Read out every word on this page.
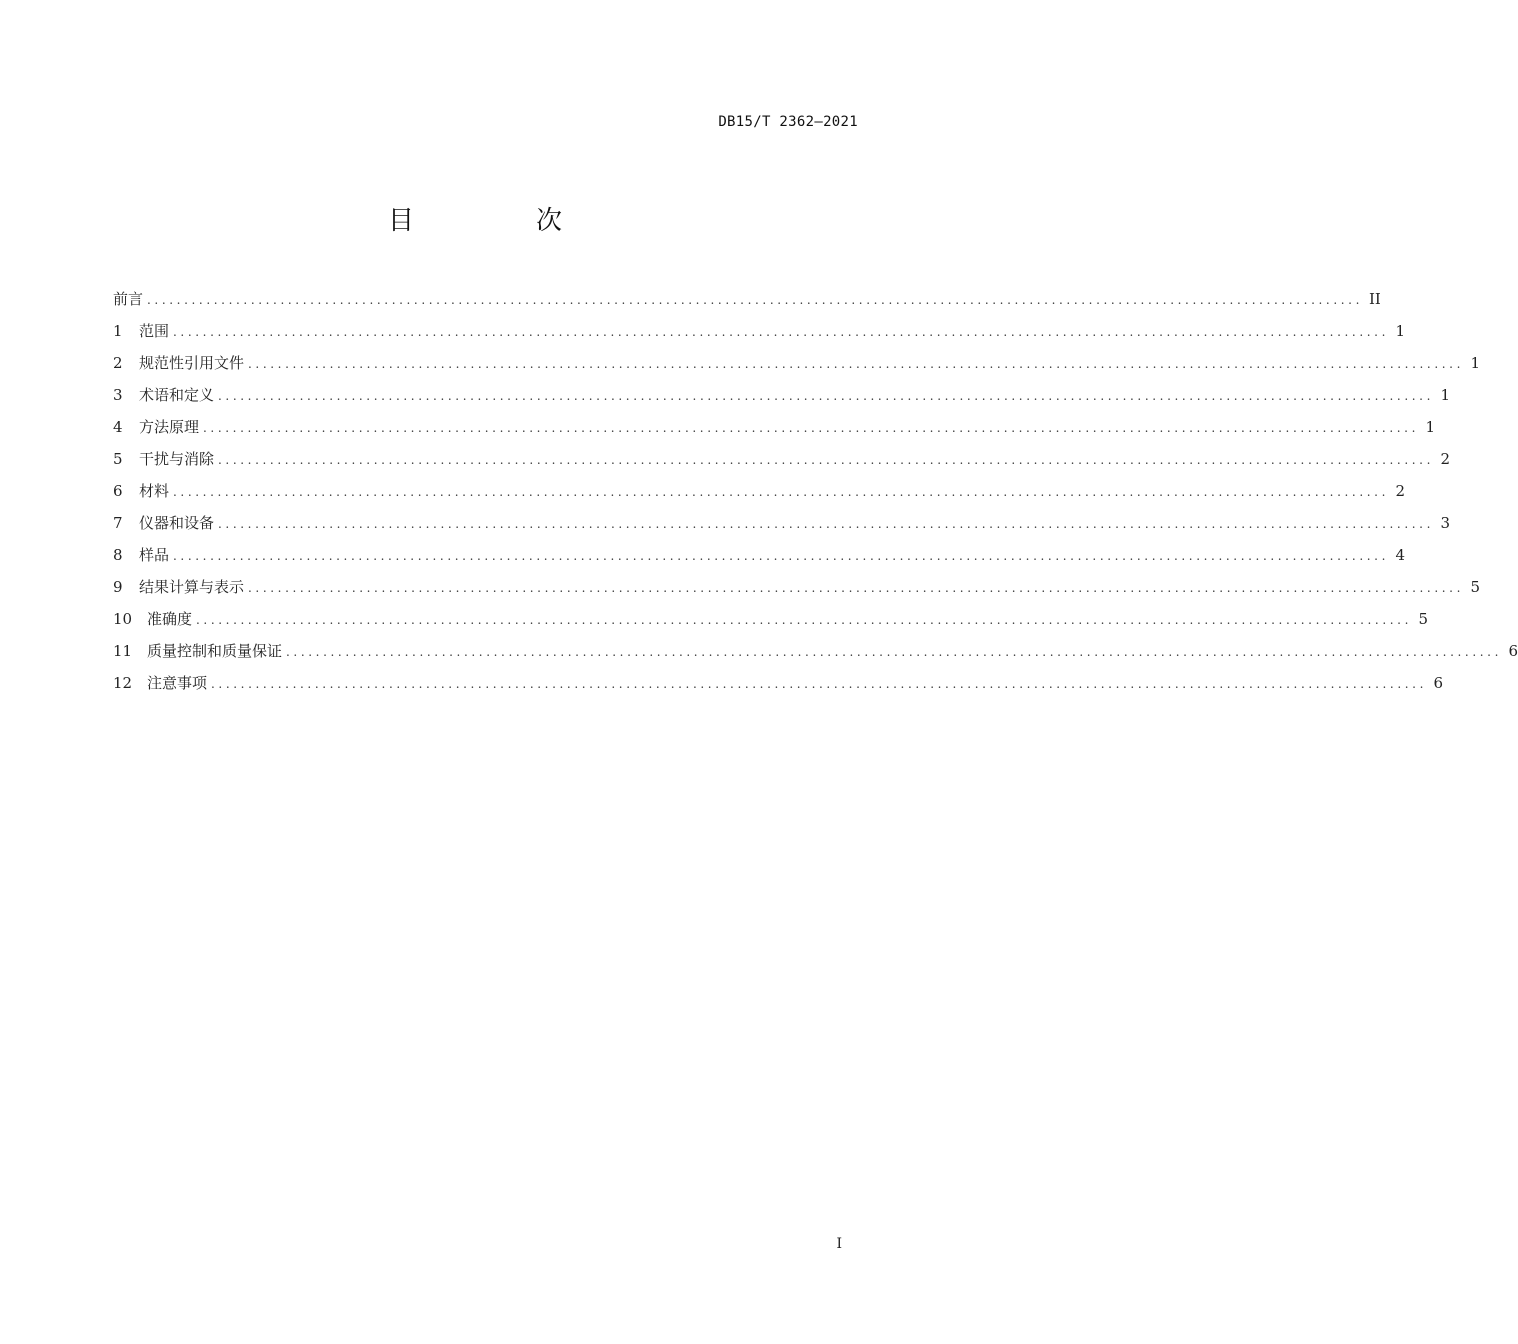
DB15/T 2362—2021
目　次
前言 .................................................................................................................................................................... II
1	范围 .................................................................................................................................................................... 1
2	规范性引用文件 .................................................................................................................................................................... 1
3	术语和定义 .................................................................................................................................................................... 1
4	方法原理 .................................................................................................................................................................... 1
5	干扰与消除 .................................................................................................................................................................... 2
6	材料 .................................................................................................................................................................... 2
7	仪器和设备 .................................................................................................................................................................... 3
8	样品 .................................................................................................................................................................... 4
9	结果计算与表示 .................................................................................................................................................................... 5
10 准确度 .................................................................................................................................................................... 5
11 质量控制和质量保证 .................................................................................................................................................................... 6
12 注意事项 .................................................................................................................................................................... 6
I
